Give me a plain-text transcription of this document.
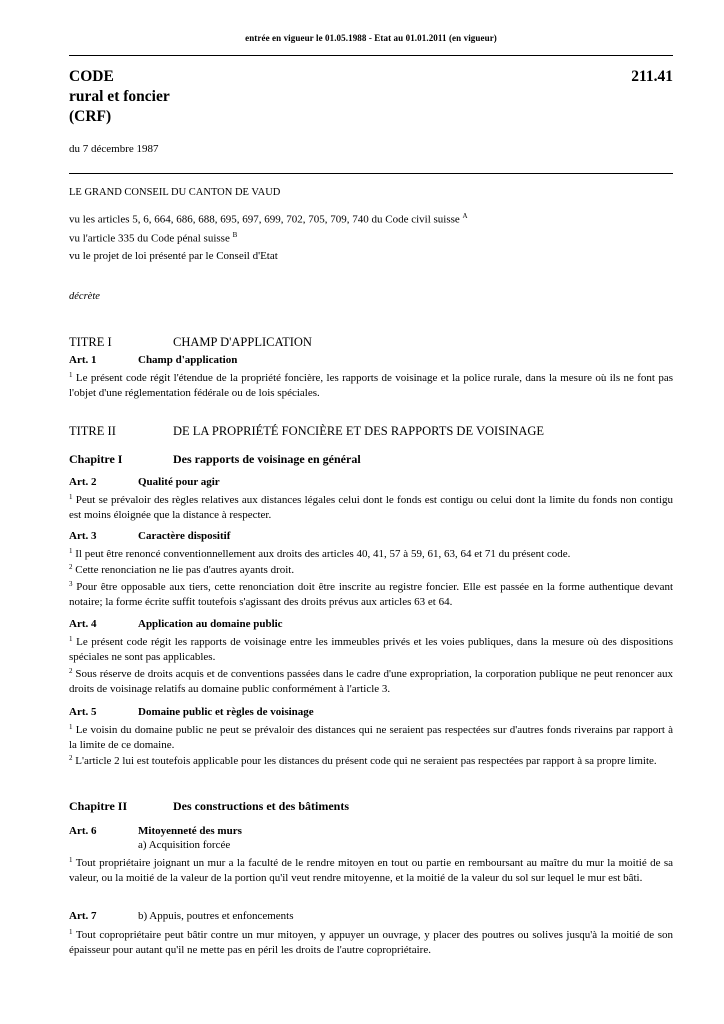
entrée en vigueur le 01.05.1988 - Etat au 01.01.2011 (en vigueur)
CODE
rural et foncier
(CRF)
211.41
du 7 décembre 1987
LE GRAND CONSEIL DU CANTON DE VAUD
vu les articles 5, 6, 664, 686, 688, 695, 697, 699, 702, 705, 709, 740 du Code civil suisse $^A$
vu l'article 335 du Code pénal suisse $^B$
vu le projet de loi présenté par le Conseil d'Etat
décrète
TITRE I	CHAMP D'APPLICATION
Art. 1	Champ d'application
$^1$ Le présent code régit l'étendue de la propriété foncière, les rapports de voisinage et la police rurale, dans la mesure où ils ne font pas l'objet d'une réglementation fédérale ou de lois spéciales.
TITRE II	DE LA PROPRIÉTÉ FONCIÈRE ET DES RAPPORTS DE VOISINAGE
Chapitre I	Des rapports de voisinage en général
Art. 2	Qualité pour agir
$^1$ Peut se prévaloir des règles relatives aux distances légales celui dont le fonds est contigu ou celui dont la limite du fonds non contigu est moins éloignée que la distance à respecter.
Art. 3	Caractère dispositif
$^1$ Il peut être renoncé conventionnellement aux droits des articles 40, 41, 57 à 59, 61, 63, 64 et 71 du présent code.
$^2$ Cette renonciation ne lie pas d'autres ayants droit.
$^3$ Pour être opposable aux tiers, cette renonciation doit être inscrite au registre foncier. Elle est passée en la forme authentique devant notaire; la forme écrite suffit toutefois s'agissant des droits prévus aux articles 63 et 64.
Art. 4	Application au domaine public
$^1$ Le présent code régit les rapports de voisinage entre les immeubles privés et les voies publiques, dans la mesure où des dispositions spéciales ne sont pas applicables.
$^2$ Sous réserve de droits acquis et de conventions passées dans le cadre d'une expropriation, la corporation publique ne peut renoncer aux droits de voisinage relatifs au domaine public conformément à l'article 3.
Art. 5	Domaine public et règles de voisinage
$^1$ Le voisin du domaine public ne peut se prévaloir des distances qui ne seraient pas respectées sur d'autres fonds riverains par rapport à la limite de ce domaine.
$^2$ L'article 2 lui est toutefois applicable pour les distances du présent code qui ne seraient pas respectées par rapport à sa propre limite.
Chapitre II	Des constructions et des bâtiments
Art. 6	Mitoyenneté des murs
a) Acquisition forcée
$^1$ Tout propriétaire joignant un mur a la faculté de le rendre mitoyen en tout ou partie en remboursant au maître du mur la moitié de sa valeur, ou la moitié de la valeur de la portion qu'il veut rendre mitoyenne, et la moitié de la valeur du sol sur lequel le mur est bâti.
Art. 7	b) Appuis, poutres et enfoncements
$^1$ Tout copropriétaire peut bâtir contre un mur mitoyen, y appuyer un ouvrage, y placer des poutres ou solives jusqu'à la moitié de son épaisseur pour autant qu'il ne mette pas en péril les droits de l'autre copropriétaire.
